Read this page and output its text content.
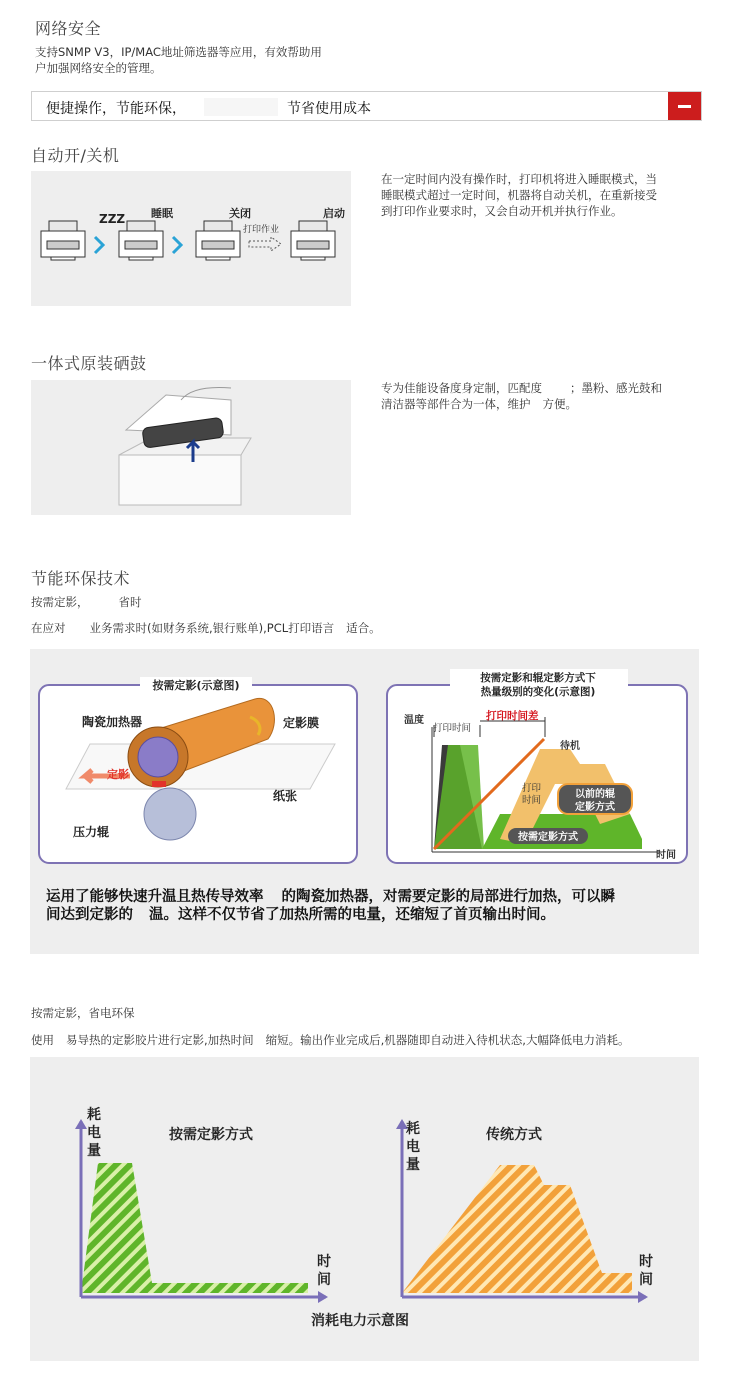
网络安全
支持SNMP V3，IP/MAC地址筛选器等应用，有效帮助用
户加强网络安全的管理。
便捷操作，节能环保，	节省使用成本
自动开/关机
ZZZ 睡眠	关闭
打印作业
启动
在一定时间内没有操作时，打印机将进入睡眠模式，当
睡眠模式超过一定时间，机器将自动关机，在重新接受
到打印作业要求时，又会自动开机并执行作业。
一体式原装硒鼓
专为佳能设备度身定制，匹配度 ；墨粉、感光鼓和
清洁器等部件合为一体，维护 方便。
节能环保技术
按需定影，	省时
在应对 业务需求时(如财务系统,银行账单),PCL打印语言 适合。
按需定影(示意图)
陶瓷加热器	定影膜
定影
纸张
压力辊
按需定影和辊定影方式下
热量级别的变化(示意图)
按需定影方式
以前的辊
定影方式
温度
打印时间
打印时间差
待机
打印
时间
时间
运用了能够快速升温且热传导效率 的陶瓷加热器，对需要定影的局部进行加热，可以瞬
间达到定影的 温。这样不仅节省了加热所需的电量，还缩短了首页输出时间。
按需定影，省电环保
使用 易导热的定影胶片进行定影,加热时间 缩短。输出作业完成后,机器随即自动进入待机状态,大幅降低电力消耗。
耗
电
量
时
间
按需定影方式	耗
电
量
时
间
传统方式
消耗电力示意图
